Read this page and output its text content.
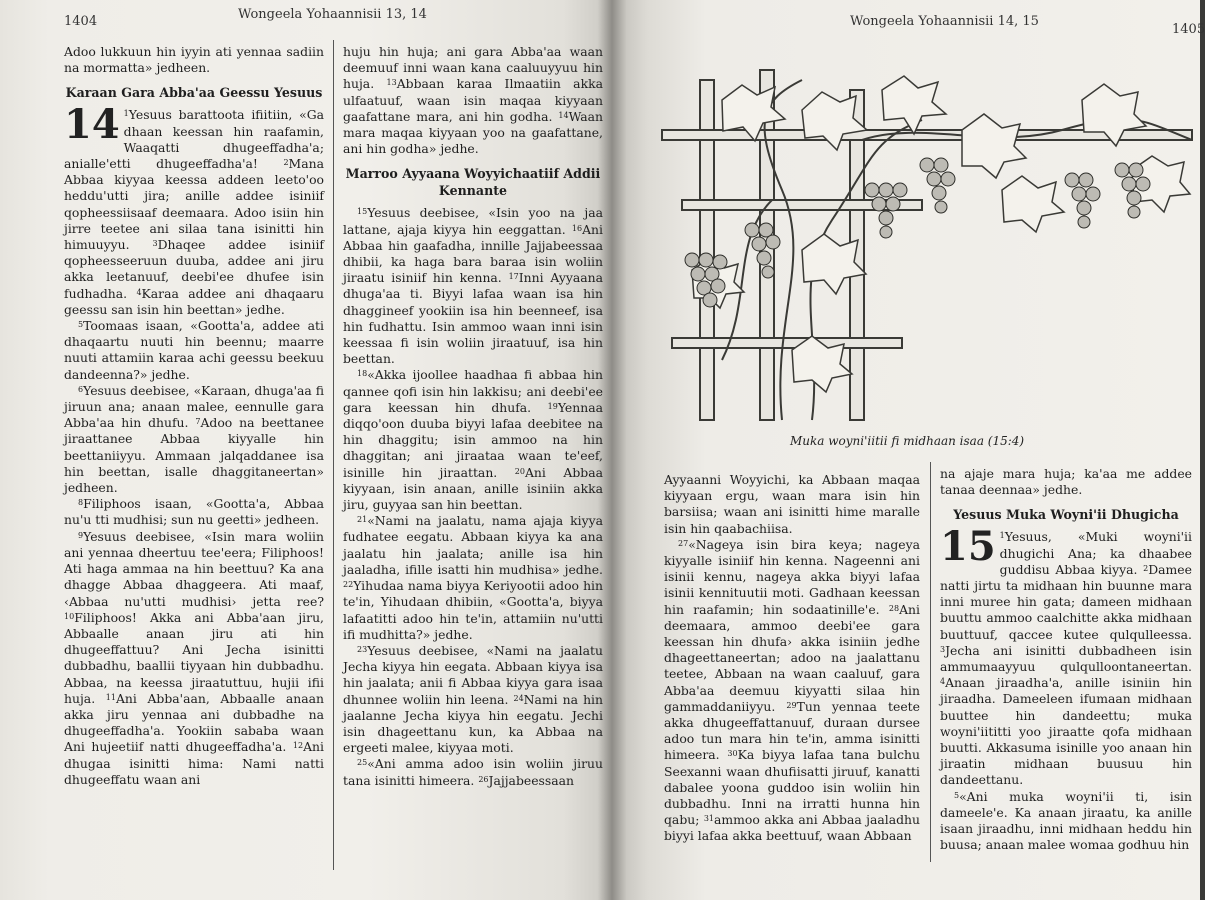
1404	Wongeela Yohaannisii 13, 14

Adoo lukkuun hin iyyin ati yennaa sadiin na mormatta» jedheen.

Karaan Gara Abba'aa Geessu Yesuus

14 $^1$Yesuus barattoota ifiitiin, «Ga dhaan keessan hin raafamin, Waaqatti dhugeeffadha'a; anialle'etti dhugeeffadha'a!	$^2$Mana Abbaa kiyyaa keessa addeen leeto'oo heddu'utti jira; anille addee isiniif qopheessiisaaf deemaara. Adoo isiin hin jirre teetee ani silaa tana isinitti hin himuuyyu.	$^3$Dhaqee addee isiniif qopheesseeruun duuba, addee ani jiru akka leetanuuf, deebi'ee dhufee isin fudhadha. $^4$Karaa addee ani dhaqaaru geessu san isin hin beettan» jedhe.

$^5$Toomaas isaan, «Gootta'a, addee ati dhaqaartu nuuti hin beennu; maarre nuuti attamiin karaa achi geessu beekuu dandeenna?» jedhe.

$^6$Yesuus deebisee, «Karaan, dhuga'aa fi jiruun ana; anaan malee, eennulle gara Abba'aa hin dhufu. $^7$Adoo na beettanee jiraattanee Abbaa kiyyalle hin beettaniiyyu. Ammaan jalqaddanee isa hin beettan, isalle dhaggitaneertan» jedheen.

$^8$Filiphoos isaan, «Gootta'a, Abbaa nu'u tti mudhisi; sun nu geetti» jedheen.

$^9$Yesuus deebisee, «Isin mara woliin ani yennaa dheertuu tee'eera; Filiphoos! Ati haga ammaa na hin beettuu? Ka ana dhagge Abbaa dhaggeera. Ati maaf, ‹Abbaa nu'utti mudhisi› jetta ree? $^{10}$Filiphoos! Akka ani Abba'aan jiru, Abbaalle anaan jiru ati hin dhugeeffattuu? Ani Jecha isinitti dubbadhu, baallii tiyyaan hin dubbadhu. Abbaa, na keessa jiraatuttuu, hujii ifii huja. $^{11}$Ani Abba'aan, Abbaalle anaan akka jiru yennaa ani dubbadhe na dhugeeffadha'a. Yookiin sababa waan Ani hujeetiif natti dhugeeffadha'a. $^{12}$Ani dhugaa isinitti hima: Nami natti dhugeeffatu waan ani

huju hin huja; ani gara Abba'aa waan deemuuf inni waan kana caaluuyyuu hin huja. $^{13}$Abbaan karaa Ilmaatiin akka ulfaatuuf, waan isin maqaa kiyyaan gaafattane mara, ani hin godha. $^{14}$Waan mara maqaa kiyyaan yoo na gaafattane, ani hin godha» jedhe.

Marroo Ayyaana Woyyichaatiif Addii Kennante

$^{15}$Yesuus deebisee, «Isin yoo na jaa lattane, ajaja kiyya hin eeggattan. $^{16}$Ani Abbaa hin gaafadha, innille Jajjabeessaa dhibii, ka haga bara baraa isin woliin jiraatu isiniif hin kenna. $^{17}$Inni Ayyaana dhuga'aa ti. Biyyi lafaa waan isa hin dhaggineef yookiin isa hin beenneef, isa hin fudhattu. Isin ammoo waan inni isin keessaa fi isin woliin jiraatuuf, isa hin beettan.

$^{18}$«Akka ijoollee haadhaa fi abbaa hin qannee qofi isin hin lakkisu; ani deebi'ee gara keessan hin dhufa. $^{19}$Yennaa diqqo'oon duuba biyyi lafaa deebitee na hin dhaggitu; isin ammoo na hin dhaggitan; ani jiraataa waan te'eef, isinille hin jiraattan. $^{20}$Ani Abbaa kiyyaan, isin anaan, anille isiniin akka jiru, guyyaa san hin beettan.

$^{21}$«Nami na jaalatu, nama ajaja kiyya fudhatee eegatu. Abbaan kiyya ka ana jaalatu hin jaalata; anille isa hin jaaladha, ifille isatti hin mudhisa» jedhe. $^{22}$Yihudaa nama biyya Keriyootii adoo hin te'in, Yihudaan dhibiin, «Gootta'a, biyya lafaatitti adoo hin te'in, attamiin nu'utti ifi mudhitta?» jedhe.

$^{23}$Yesuus deebisee, «Nami na jaalatu Jecha kiyya hin eegata. Abbaan kiyya isa hin jaalata; anii fi Abbaa kiyya gara isaa dhunnee woliin hin leena. $^{24}$Nami na hin jaalanne Jecha kiyya hin eegatu. Jechi isin dhageettanu kun, ka Abbaa na ergeeti malee, kiyyaa moti.

$^{25}$«Ani amma adoo isin woliin jiruu tana isinitti himeera. $^{26}$Jajjabeessaan

Wongeela Yohaannisii 14, 15
1405
Muka woyni'iitii fi midhaan isaa (15:4)

Ayyaanni Woyyichi, ka Abbaan maqaa kiyyaan ergu, waan mara isin hin barsiisa; waan ani isinitti hime maralle isin hin qaabachiisa.

$^{27}$«Nageya isin bira keya; nageya kiyyalle isiniif hin kenna. Nageenni ani isinii kennu, nageya akka biyyi lafaa isinii kennituutii moti. Gadhaan keessan hin raafamin; hin sodaatinille'e. $^{28}$Ani deemaara, ammoo deebi'ee gara keessan hin dhufa› akka isiniin jedhe dhageettaneertan; adoo na jaalattanu teetee, Abbaan na waan caaluuf, gara Abba'aa deemuu kiyyatti silaa hin gammaddaniiyyu. $^{29}$Tun yennaa teete akka dhugeeffattanuuf, duraan dursee adoo tun mara hin te'in, amma isinitti himeera. $^{30}$Ka biyya lafaa tana bulchu Seexanni waan dhufiisatti jiruuf, kanatti dabalee yoona guddoo isin woliin hin dubbadhu. Inni na irratti hunna hin qabu; $^{31}$ammoo akka ani Abbaa jaaladhu biyyi lafaa akka beettuuf, waan Abbaan

na ajaje mara huja; ka'aa me addee tanaa deennaa» jedhe.

Yesuus Muka Woyni'ii Dhugicha

15 $^1$Yesuus, «Muki woyni'ii dhugichi Ana; ka dhaabee guddisu Abbaa kiyya. $^2$Damee natti jirtu ta midhaan hin buunne mara inni muree hin gata; dameen midhaan buuttu ammoo caalchitte akka midhaan buuttuuf, qaccee kutee qulqulleessa. $^3$Jecha ani isinitti dubbadheen isin ammumaayyuu qulqulloontaneertan. $^4$Anaan jiraadha'a, anille isiniin hin jiraadha. Dameeleen ifumaan midhaan buuttee hin dandeettu; muka woyni'iititti yoo jiraatte qofa midhaan buutti. Akkasuma isinille yoo anaan hin jiraatin midhaan buusuu hin dandeettanu.

$^5$«Ani muka woyni'ii ti, isin dameele'e. Ka anaan jiraatu, ka anille isaan jiraadhu, inni midhaan heddu hin buusa; anaan malee womaa godhuu hin
